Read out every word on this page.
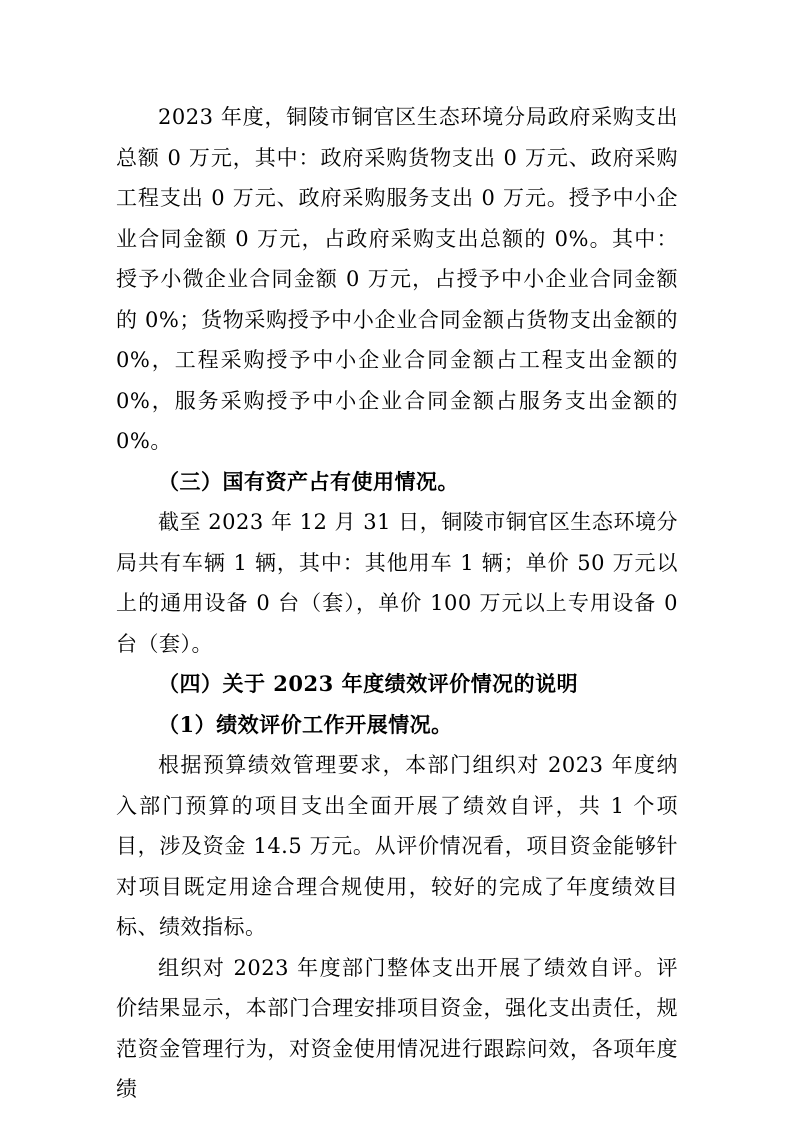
2023 年度，铜陵市铜官区生态环境分局政府采购支出总额 0 万元，其中：政府采购货物支出 0 万元、政府采购工程支出 0 万元、政府采购服务支出 0 万元。授予中小企业合同金额 0 万元，占政府采购支出总额的 0%。其中：授予小微企业合同金额 0 万元，占授予中小企业合同金额的 0%；货物采购授予中小企业合同金额占货物支出金额的 0%，工程采购授予中小企业合同金额占工程支出金额的 0%，服务采购授予中小企业合同金额占服务支出金额的 0%。

（三）国有资产占有使用情况。

截至 2023 年 12 月 31 日，铜陵市铜官区生态环境分局共有车辆 1 辆，其中：其他用车 1 辆；单价 50 万元以上的通用设备 0 台（套），单价 100 万元以上专用设备 0 台（套）。

（四）关于 2023 年度绩效评价情况的说明

（1）绩效评价工作开展情况。

根据预算绩效管理要求，本部门组织对 2023 年度纳入部门预算的项目支出全面开展了绩效自评，共 1 个项目，涉及资金 14.5 万元。从评价情况看，项目资金能够针对项目既定用途合理合规使用，较好的完成了年度绩效目标、绩效指标。

组织对 2023 年度部门整体支出开展了绩效自评。评价结果显示，本部门合理安排项目资金，强化支出责任，规范资金管理行为，对资金使用情况进行跟踪问效，各项年度绩
